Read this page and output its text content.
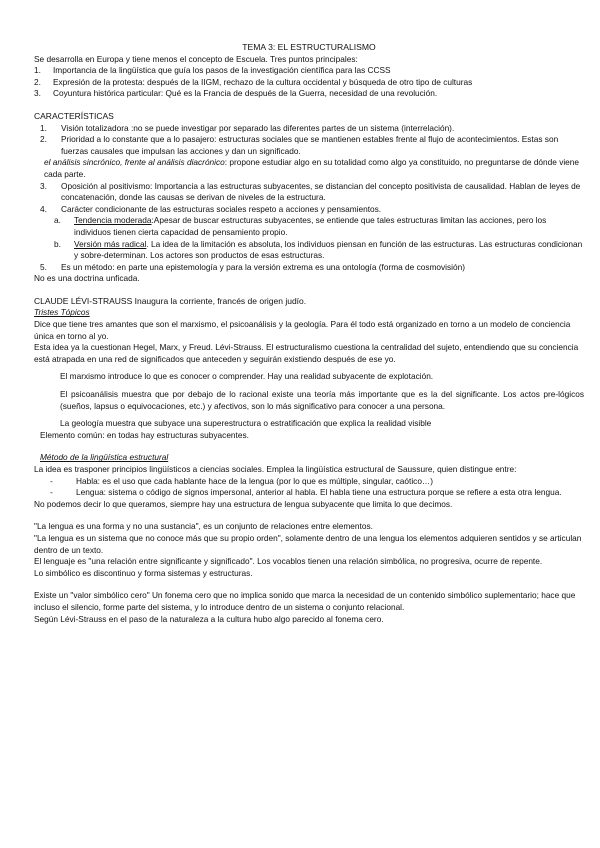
TEMA 3: EL ESTRUCTURALISMO

Se desarrolla en Europa y tiene menos el concepto de Escuela. Tres puntos principales:

1.	Importancia de la lingüística que guía los pasos de la investigación científica para las CCSS
2.	Expresión de la protesta: después de la IIGM, rechazo de la cultura occidental y búsqueda de otro tipo de culturas
3.	Coyuntura histórica particular: Qué es la Francia de después de la Guerra, necesidad de una revolución.

CARACTERÍSTICAS

1.	Visión totalizadora :no se puede investigar por separado las diferentes partes de un sistema (interrelación).
2.	Prioridad a lo constante que a lo pasajero: estructuras sociales que se mantienen estables frente al flujo de acontecimientos. Estas son fuerzas causales que impulsan las acciones y dan un significado.

el análisis sincrónico, frente al análisis diacrónico: propone estudiar algo en su totalidad como algo ya constituido, no preguntarse de dónde viene cada parte.

3.	Oposición al positivismo: Importancia a las estructuras subyacentes, se distancian del concepto positivista de causalidad. Hablan de leyes de concatenación, donde las causas se derivan de niveles de la estructura.
4.	Carácter condicionante de las estructuras sociales respeto a acciones y pensamientos.
a.	Tendencia moderada:Apesar de buscar estructuras subyacentes, se entiende que tales estructuras limitan las acciones, pero los individuos tienen cierta capacidad de pensamiento propio.
b.	Versión más radical. La idea de la limitación es absoluta, los individuos piensan en función de las estructuras. Las estructuras condicionan y sobre-determinan. Los actores son productos de esas estructuras.
5.	Es un método: en parte una epistemología y para la versión extrema es una ontología (forma de cosmovisión)

No es una doctrina unficada.

CLAUDE LÉVI-STRAUSS Inaugura la corriente, francés de origen judío.

Tristes Tópicos

Dice que tiene tres amantes que son el marxismo, el psicoanálisis y la geología. Para él todo está organizado en torno a un modelo de conciencia única en torno al yo.

Esta idea ya la cuestionan Hegel, Marx, y Freud. Lévi-Strauss. El estructuralismo cuestiona la centralidad del sujeto, entendiendo que su conciencia está atrapada en una red de significados que anteceden y seguirán existiendo después de ese yo.

El marxismo introduce lo que es conocer o comprender. Hay una realidad subyacente de explotación.

El psicoanálisis muestra que por debajo de lo racional existe una teoría más importante que es la del significante. Los actos pre-lógicos (sueños, lapsus o equivocaciones, etc.) y afectivos, son lo más significativo para conocer a una persona.

La geología muestra que subyace una superestructura o estratificación que explica la realidad visible

Elemento común: en todas hay estructuras subyacentes.

Método de la lingüística estructural

La idea es trasponer principios lingüísticos a ciencias sociales. Emplea la lingüística estructural de Saussure, quien distingue entre:

-	Habla: es el uso que cada hablante hace de la lengua (por lo que es múltiple, singular, caótico…)
-	Lengua: sistema o código de signos impersonal, anterior al habla. El habla tiene una estructura porque se refiere a esta otra lengua.

No podemos decir lo que queramos, siempre hay una estructura de lengua subyacente que limita lo que decimos.

"La lengua es una forma y no una sustancia", es un conjunto de relaciones entre elementos.

"La lengua es un sistema que no conoce más que su propio orden", solamente dentro de una lengua los elementos adquieren sentidos y se articulan dentro de un texto.

El lenguaje es "una relación entre significante y significado". Los vocablos tienen una relación simbólica, no progresiva, ocurre de repente.

Lo simbólico es discontinuo y forma sistemas y estructuras.

Existe un "valor simbólico cero" Un fonema cero que no implica sonido que marca la necesidad de un contenido simbólico suplementario; hace que incluso el silencio, forme parte del sistema, y lo introduce dentro de un sistema o conjunto relacional.

Según Lévi-Strauss en el paso de la naturaleza a la cultura hubo algo parecido al fonema cero.
